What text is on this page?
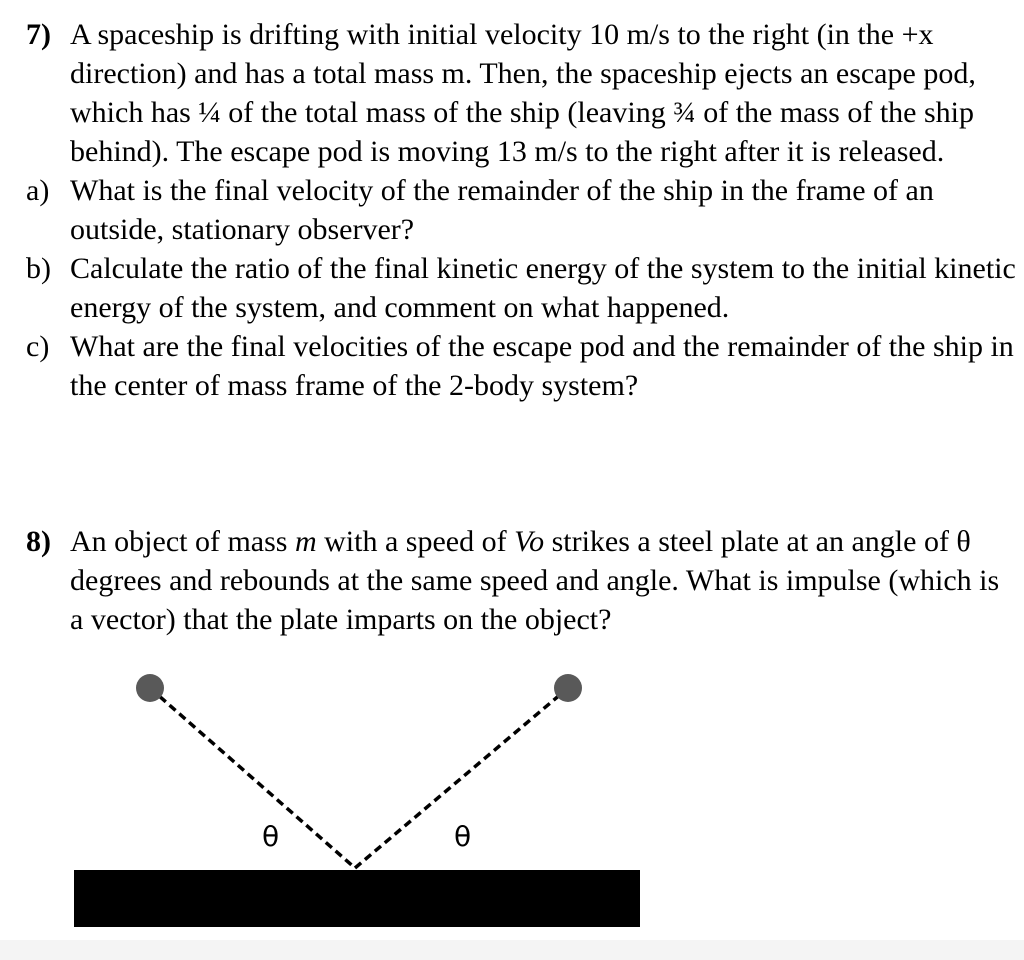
7) A spaceship is drifting with initial velocity 10 m/s to the right (in the +x direction) and has a total mass m. Then, the spaceship ejects an escape pod, which has ¼ of the total mass of the ship (leaving ¾ of the mass of the ship behind). The escape pod is moving 13 m/s to the right after it is released.
a) What is the final velocity of the remainder of the ship in the frame of an outside, stationary observer?
b) Calculate the ratio of the final kinetic energy of the system to the initial kinetic energy of the system, and comment on what happened.
c) What are the final velocities of the escape pod and the remainder of the ship in the center of mass frame of the 2-body system?
8) An object of mass m with a speed of Vo strikes a steel plate at an angle of θ degrees and rebounds at the same speed and angle. What is impulse (which is a vector) that the plate imparts on the object?
θ	θ
